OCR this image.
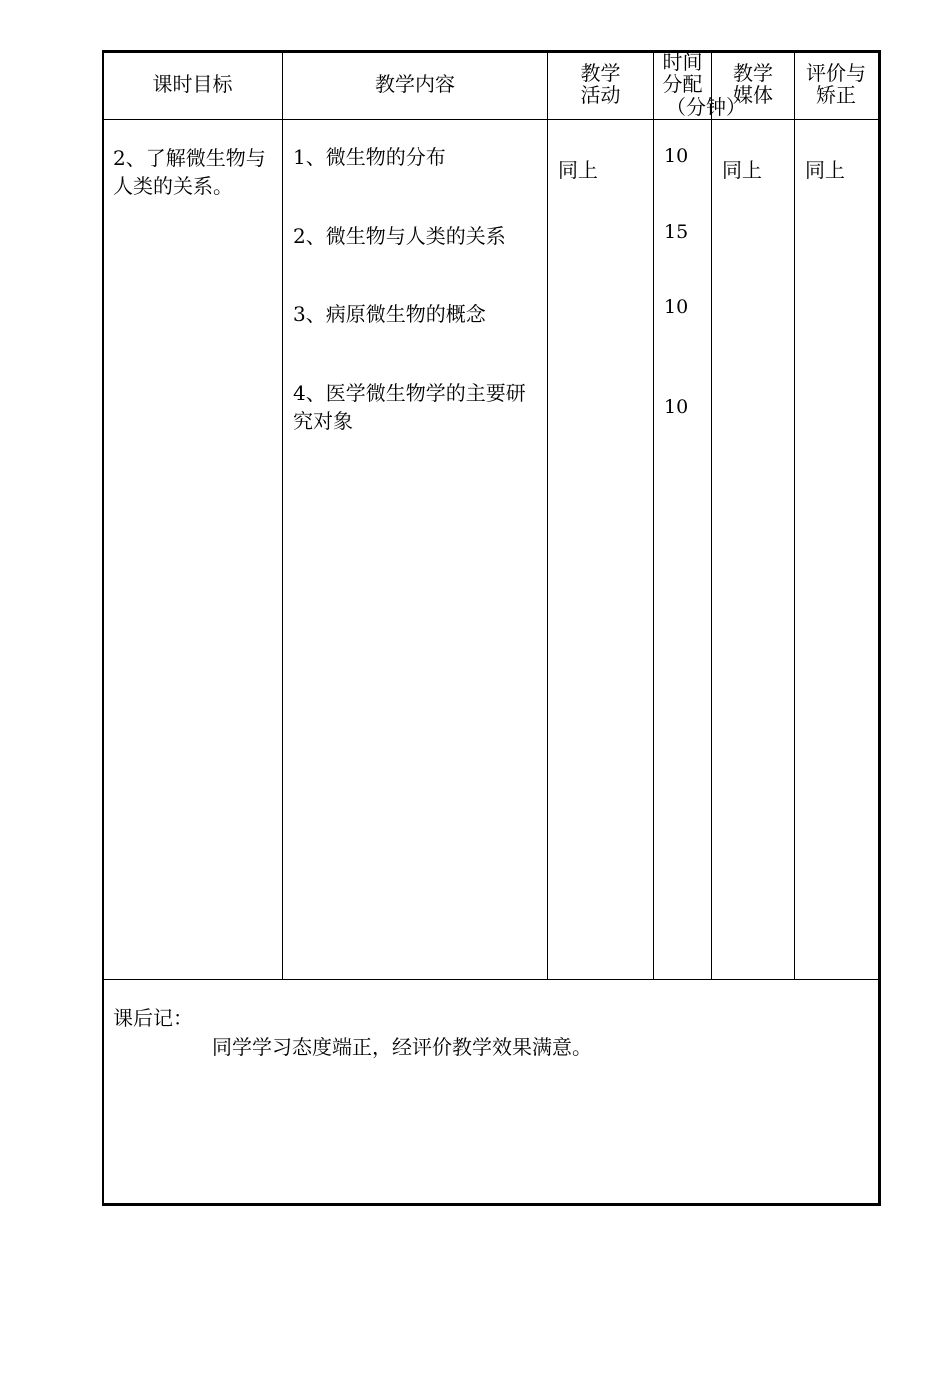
课时目标	教学内容	教学
活动
时间
分配
（分钟）
教学
媒体
评价与
矫正
2、了解微生物与
人类的关系。
1、微生物的分布
2、微生物与人类的关系
3、病原微生物的概念
4、医学微生物学的主要研
究对象
同上
10
15
10
10
同上 同上
课后记：
同学学习态度端正，经评价教学效果满意。
